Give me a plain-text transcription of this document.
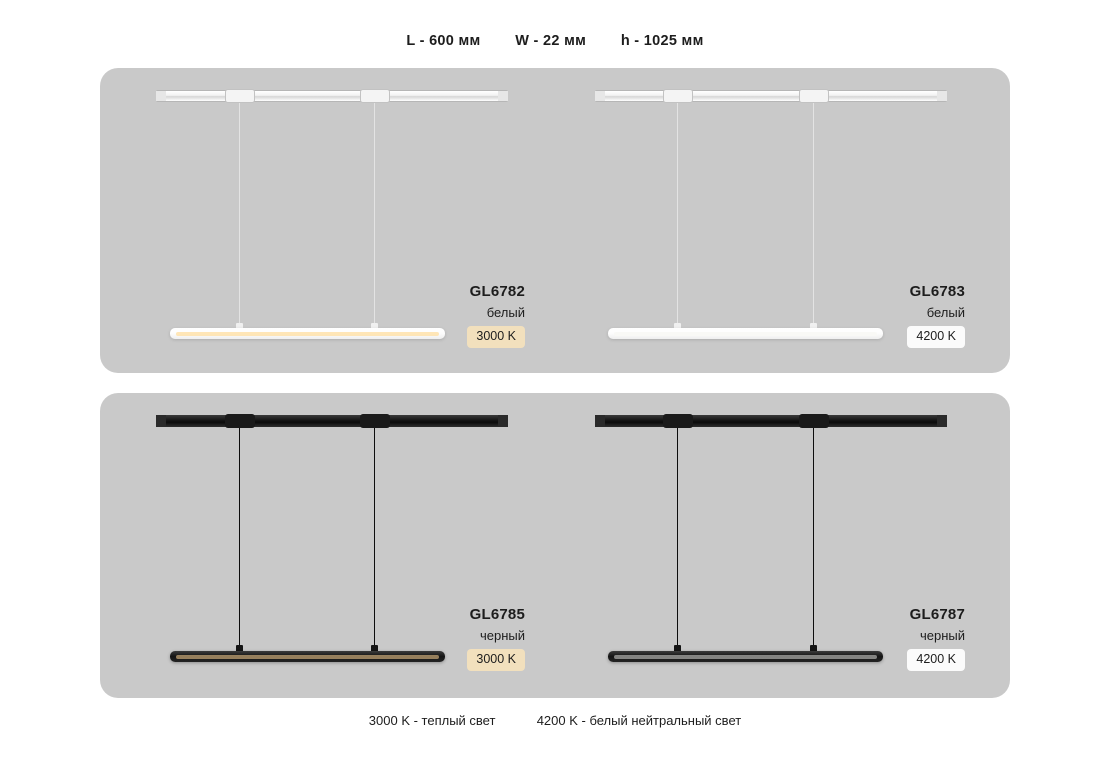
L - 600 мм W - 22 мм h - 1025 мм
GL6782
белый
3000 K
GL6783
белый
4200 K
GL6785
черный
3000 K
GL6787
черный
4200 K
3000 K - теплый свет	4200 K - белый нейтральный свет
